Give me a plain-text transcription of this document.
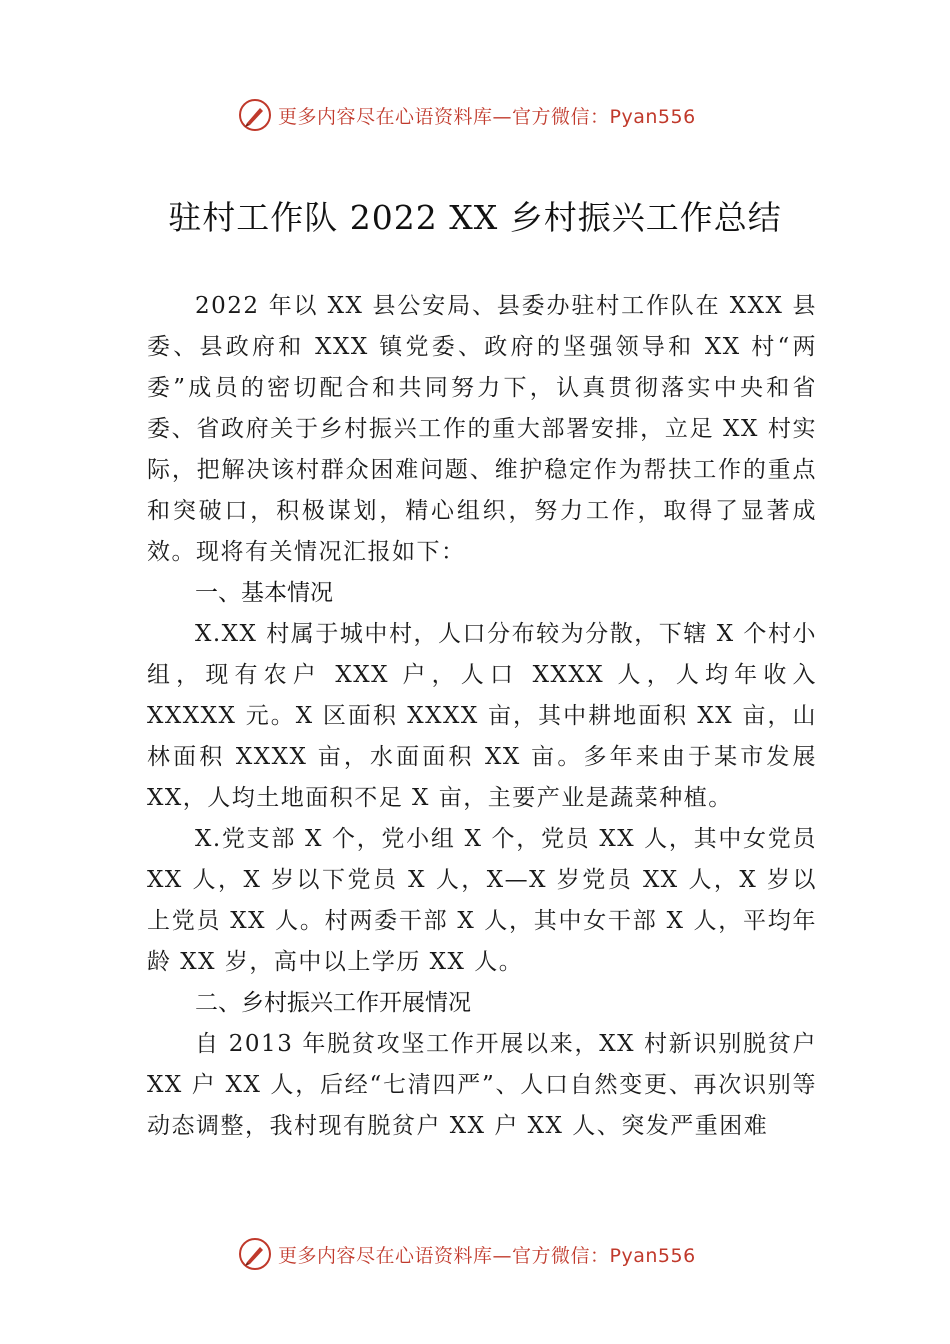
更多内容尽在心语资料库—官方微信：Pyan556
驻村工作队 2022 XX 乡村振兴工作总结

2022 年以 XX 县公安局、县委办驻村工作队在 XXX 县委、县政府和 XXX 镇党委、政府的坚强领导和 XX 村“两委”成员的密切配合和共同努力下，认真贯彻落实中央和省委、省政府关于乡村振兴工作的重大部署安排，立足 XX 村实际，把解决该村群众困难问题、维护稳定作为帮扶工作的重点和突破口，积极谋划，精心组织，努力工作，取得了显著成效。现将有关情况汇报如下：

一、基本情况

X.XX 村属于城中村，人口分布较为分散，下辖 X 个村小组，现有农户 XXX 户，人口 XXXX 人，人均年收入 XXXXX 元。X 区面积 XXXX 亩，其中耕地面积 XX 亩，山林面积 XXXX 亩，水面面积 XX 亩。多年来由于某市发展 XX，人均土地面积不足 X 亩，主要产业是蔬菜种植。

X.党支部 X 个，党小组 X 个，党员 XX 人，其中女党员 XX 人，X 岁以下党员 X 人，X—X 岁党员 XX 人，X 岁以上党员 XX 人。村两委干部 X 人，其中女干部 X 人，平均年龄 XX 岁，高中以上学历 XX 人。

二、乡村振兴工作开展情况

自 2013 年脱贫攻坚工作开展以来，XX 村新识别脱贫户 XX 户 XX 人，后经“七清四严”、人口自然变更、再次识别等动态调整，我村现有脱贫户 XX 户 XX 人、突发严重困难

更多内容尽在心语资料库—官方微信：Pyan556
